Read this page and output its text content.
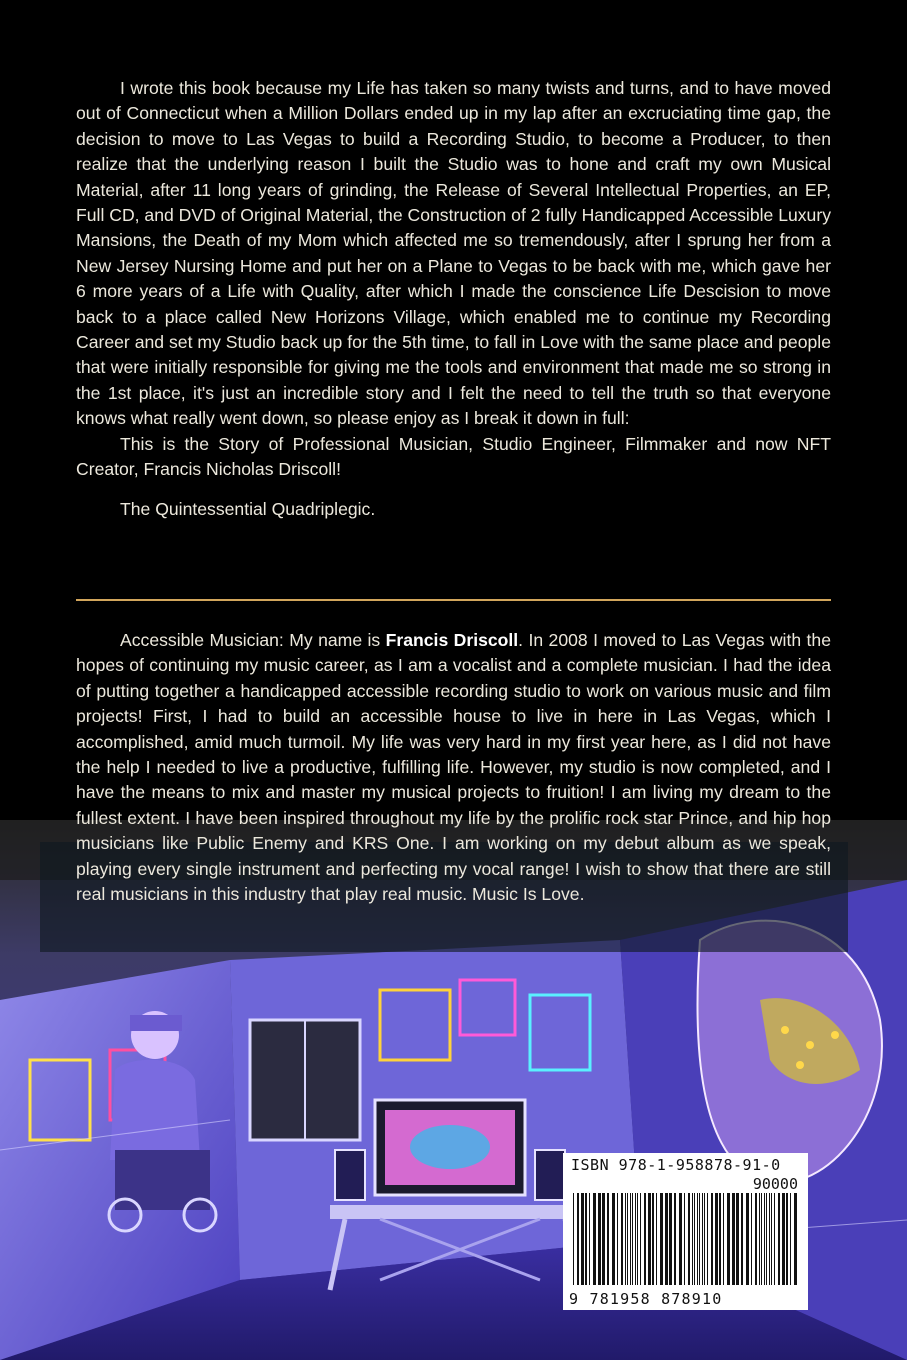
I wrote this book because my Life has taken so many twists and turns, and to have moved out of Connecticut when a Million Dollars ended up in my lap after an excruciating time gap, the decision to move to Las Vegas to build a Recording Studio, to become a Producer, to then realize that the underlying reason I built the Studio was to hone and craft my own Musical Material, after 11 long years of grinding, the Release of Several Intellectual Properties, an EP, Full CD, and DVD of Original Material, the Construction of 2 fully Handicapped Accessible Luxury Mansions, the Death of my Mom which affected me so tremendously, after I sprung her from a New Jersey Nursing Home and put her on a Plane to Vegas to be back with me, which gave her 6 more years of a Life with Quality, after which I made the conscience Life Descision to move back to a place called New Horizons Village, which enabled me to continue my Recording Career and set my Studio back up for the 5th time, to fall in Love with the same place and people that were initially responsible for giving me the tools and environment that made me so strong in the 1st place, it's just an incredible story and I felt the need to tell the truth so that everyone knows what really went down, so please enjoy as I break it down in full:

This is the Story of Professional Musician, Studio Engineer, Filmmaker and now NFT Creator, Francis Nicholas Driscoll!

The Quintessential Quadriplegic.

Accessible Musician: My name is Francis Driscoll. In 2008 I moved to Las Vegas with the hopes of continuing my music career, as I am a vocalist and a complete musician. I had the idea of putting together a handicapped accessible recording studio to work on various music and film projects! First, I had to build an accessible house to live in here in Las Vegas, which I accomplished, amid much turmoil. My life was very hard in my first year here, as I did not have the help I needed to live a productive, fulfilling life. However, my studio is now completed, and I have the means to mix and master my musical projects to fruition! I am living my dream to the fullest extent. I have been inspired throughout my life by the prolific rock star Prince, and hip hop musicians like Public Enemy and KRS One. I am working on my debut album as we speak, playing every single instrument and perfecting my vocal range! I wish to show that there are still real musicians in this industry that play real music. Music Is Love.

ISBN 978-1-958878-91-0
90000
9 781958 878910
